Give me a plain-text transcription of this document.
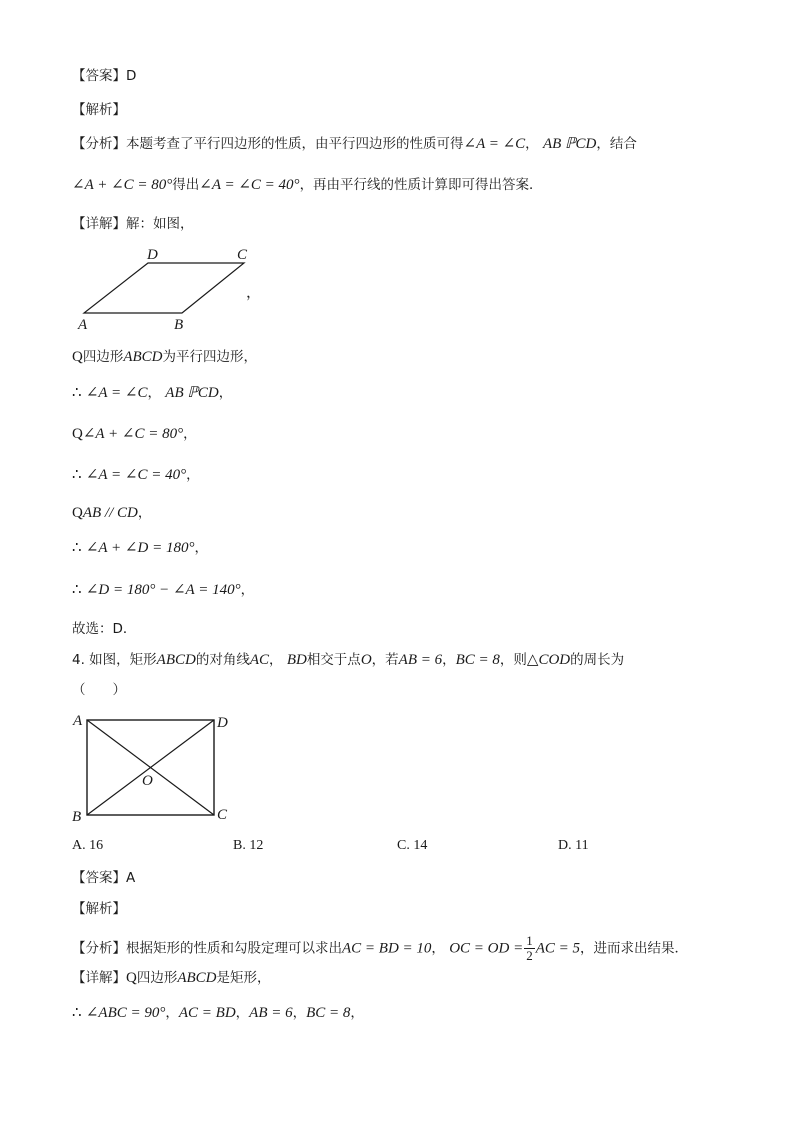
【答案】D
【解析】
【分析】本题考查了平行四边形的性质，由平行四边形的性质可得∠A = ∠C， AB ℙCD，结合
∠A + ∠C = 80°得出∠A = ∠C = 40°，再由平行线的性质计算即可得出答案．
【详解】解：如图，
A	B
C
D
，
Q四边形ABCD为平行四边形，
∴ ∠A = ∠C， AB ℙCD，
Q∠A + ∠C = 80°，
∴ ∠A = ∠C = 40°，
QAB // CD，
∴ ∠A + ∠D = 180°，
∴ ∠D = 180° − ∠A = 140°，
故选：D．
4. 如图，矩形ABCD的对角线AC， BD相交于点O，若AB = 6，BC = 8，则△COD的周长为
（　　）
A
B	C
D
O
A. 16	B. 12	C. 14	D. 11
【答案】A
【解析】
【分析】根据矩形的性质和勾股定理可以求出AC = BD = 10， OC = OD = $\frac{1}{2}$ AC = 5，进而求出结果．
【详解】Q四边形ABCD是矩形，
∴ ∠ABC = 90°，AC = BD，AB = 6，BC = 8，
